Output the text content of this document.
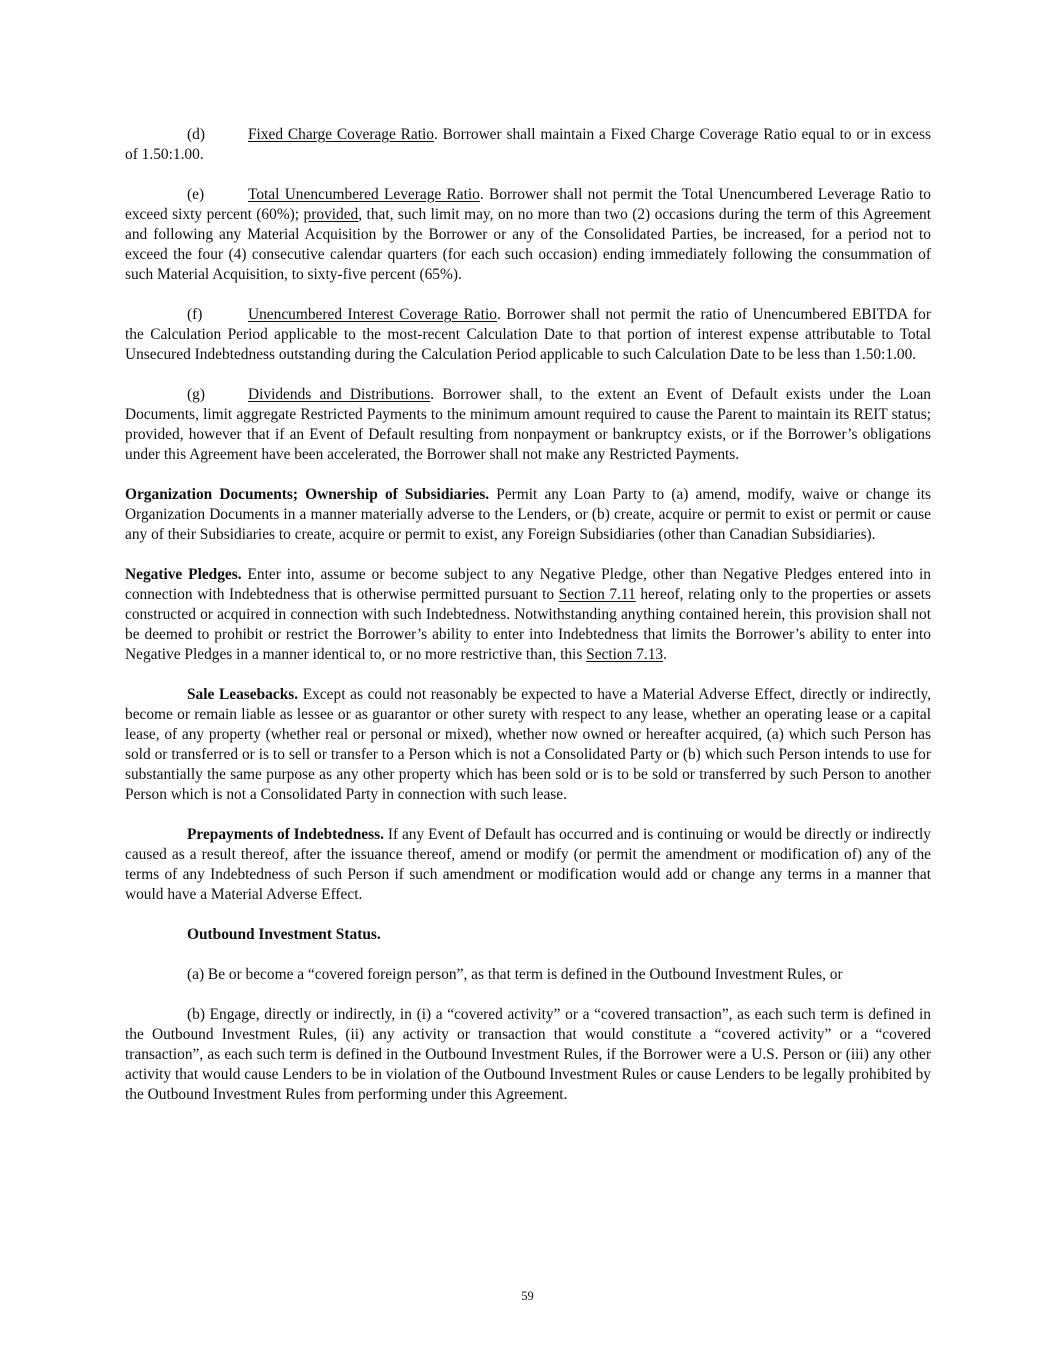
(d)	Fixed Charge Coverage Ratio. Borrower shall maintain a Fixed Charge Coverage Ratio equal to or in excess of 1.50:1.00.

(e)	Total Unencumbered Leverage Ratio. Borrower shall not permit the Total Unencumbered Leverage Ratio to exceed sixty percent (60%); provided, that, such limit may, on no more than two (2) occasions during the term of this Agreement and following any Material Acquisition by the Borrower or any of the Consolidated Parties, be increased, for a period not to exceed the four (4) consecutive calendar quarters (for each such occasion) ending immediately following the consummation of such Material Acquisition, to sixty-five percent (65%).

(f)	Unencumbered Interest Coverage Ratio. Borrower shall not permit the ratio of Unencumbered EBITDA for the Calculation Period applicable to the most-recent Calculation Date to that portion of interest expense attributable to Total Unsecured Indebtedness outstanding during the Calculation Period applicable to such Calculation Date to be less than 1.50:1.00.

(g)	Dividends and Distributions. Borrower shall, to the extent an Event of Default exists under the Loan Documents, limit aggregate Restricted Payments to the minimum amount required to cause the Parent to maintain its REIT status; provided, however that if an Event of Default resulting from nonpayment or bankruptcy exists, or if the Borrower’s obligations under this Agreement have been accelerated, the Borrower shall not make any Restricted Payments.

Organization Documents; Ownership of Subsidiaries. Permit any Loan Party to (a) amend, modify, waive or change its Organization Documents in a manner materially adverse to the Lenders, or (b) create, acquire or permit to exist or permit or cause any of their Subsidiaries to create, acquire or permit to exist, any Foreign Subsidiaries (other than Canadian Subsidiaries).

Negative Pledges. Enter into, assume or become subject to any Negative Pledge, other than Negative Pledges entered into in connection with Indebtedness that is otherwise permitted pursuant to Section 7.11 hereof, relating only to the properties or assets constructed or acquired in connection with such Indebtedness. Notwithstanding anything contained herein, this provision shall not be deemed to prohibit or restrict the Borrower’s ability to enter into Indebtedness that limits the Borrower’s ability to enter into Negative Pledges in a manner identical to, or no more restrictive than, this Section 7.13.

Sale Leasebacks. Except as could not reasonably be expected to have a Material Adverse Effect, directly or indirectly, become or remain liable as lessee or as guarantor or other surety with respect to any lease, whether an operating lease or a capital lease, of any property (whether real or personal or mixed), whether now owned or hereafter acquired, (a) which such Person has sold or transferred or is to sell or transfer to a Person which is not a Consolidated Party or (b) which such Person intends to use for substantially the same purpose as any other property which has been sold or is to be sold or transferred by such Person to another Person which is not a Consolidated Party in connection with such lease.

Prepayments of Indebtedness. If any Event of Default has occurred and is continuing or would be directly or indirectly caused as a result thereof, after the issuance thereof, amend or modify (or permit the amendment or modification of) any of the terms of any Indebtedness of such Person if such amendment or modification would add or change any terms in a manner that would have a Material Adverse Effect.

Outbound Investment Status.

(a) Be or become a “covered foreign person”, as that term is defined in the Outbound Investment Rules, or

(b) Engage, directly or indirectly, in (i) a “covered activity” or a “covered transaction”, as each such term is defined in the Outbound Investment Rules, (ii) any activity or transaction that would constitute a “covered activity” or a “covered transaction”, as each such term is defined in the Outbound Investment Rules, if the Borrower were a U.S. Person or (iii) any other activity that would cause Lenders to be in violation of the Outbound Investment Rules or cause Lenders to be legally prohibited by the Outbound Investment Rules from performing under this Agreement.

59
